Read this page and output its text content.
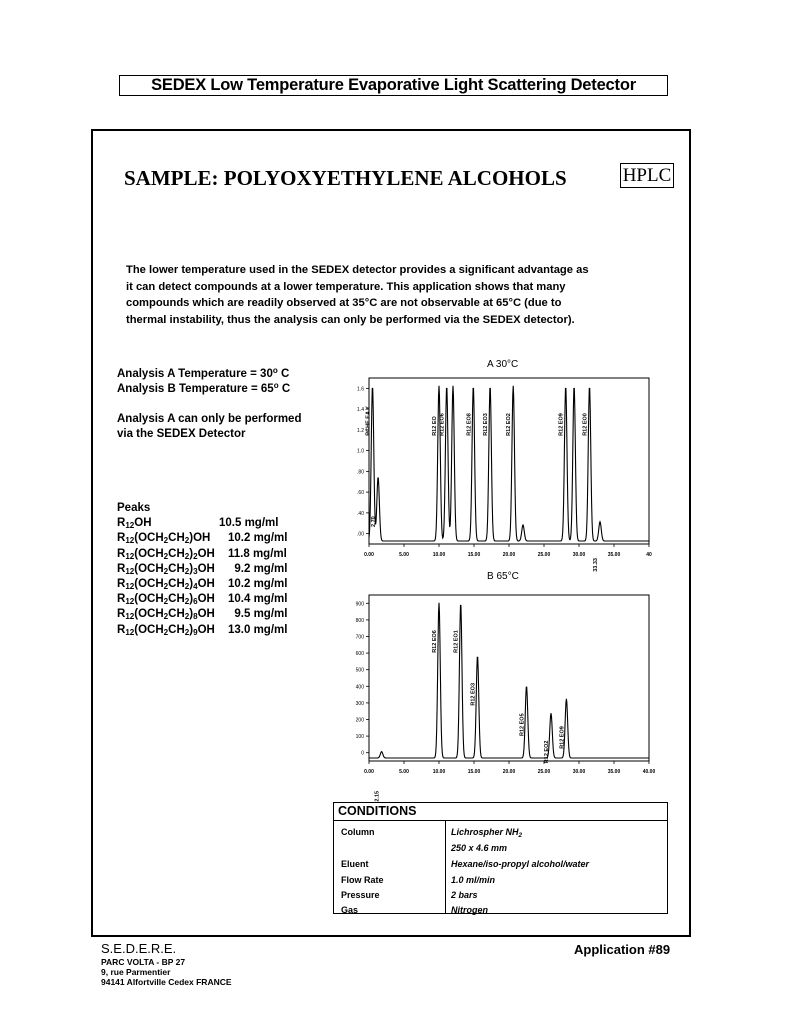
SEDEX Low Temperature Evaporative Light Scattering Detector
SAMPLE: POLYOXYETHYLENE ALCOHOLS	HPLC

The lower temperature used in the SEDEX detector provides a significant advantage as

it can detect compounds at a lower temperature. This application shows that many

compounds which are readily observed at 35°C are not observable at 65°C (due to

thermal instability, thus the analysis can only be performed via the SEDEX detector).

Analysis A Temperature = $30^o$ C
Analysis B Temperature = $65^o$ C
Analysis A can only be performed
via the SEDEX Detector
Peaks
$R_{12}OH$	10.5 mg/ml
$R_{12}(OCH_2CH_2)OH$ 10.2 mg/ml
$R_{12}(OCH_2CH_2)_2OH$ 11.8 mg/ml
$R_{12}(OCH_2CH_2)_3OH$ 9.2 mg/ml
$R_{12}(OCH_2CH_2)_4OH$ 10.2 mg/ml
$R_{12}(OCH_2CH_2)_6OH$ 10.4 mg/ml
$R_{12}(OCH_2CH_2)_8OH$ 9.5 mg/ml
$R_{12}(OCH_2CH_2)_9OH$ 13.0 mg/ml
A 30°C
0.00	5.00	10.00	15.00	20.00	25.00	30.00	35.00	40
.00
.40
.60
.80
1.0
1.2
1.4
1.6
RCHE EA Y
2.70
R12 EO R12 EO6	R12 EO8 R12 EO3	R12 EO2	R12 EO9	R12 EO0
33.33
B 65°C
0.00	5.00	10.00	15.00	20.00	25.00	30.00	35.00	40.00
0
100
200
300
400
500
600
700
800
900
2.15
R12 EO6	R12 EO1
R12 EO3
R12 EO5
R12 EO2
R12 EO9
CONDITIONS
Column	Lichrospher $NH_2$
250 x 4.6 mm
Eluent	Hexane/iso-propyl alcohol/water
Flow Rate	1.0 ml/min
Pressure	2 bars
Gas	Nitrogen
S.E.D.E.R.E.
PARC VOLTA - BP 27
9, rue Parmentier
94141 Alfortville Cedex FRANCE
Application #89
